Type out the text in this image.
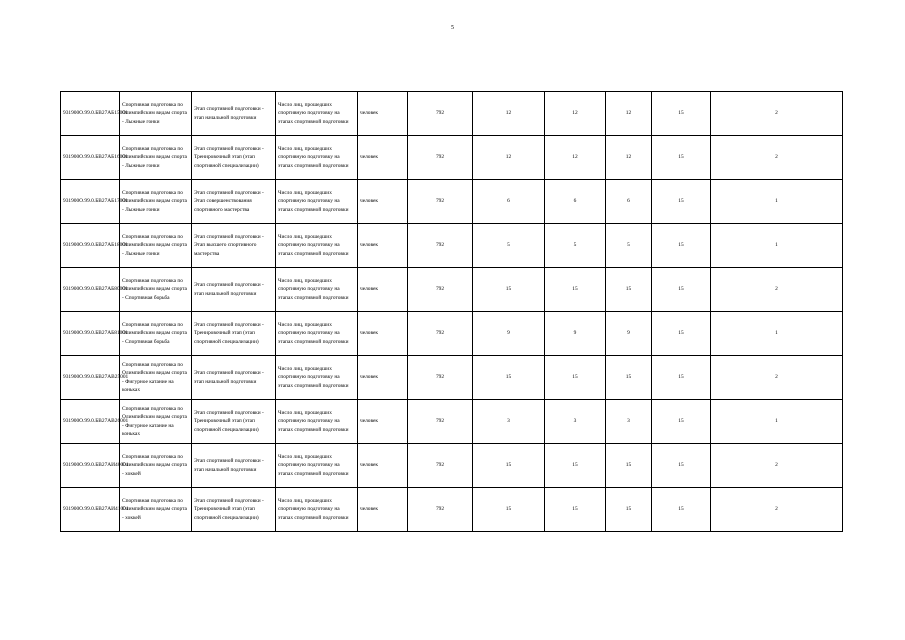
5
931900О.99.0.БВ27АБ15001	Спортивная подготовка по Олимпийским видам спорта - Лыжные гонки	Этап спортивной подготовки - этап начальной подготовки	Число лиц, прошедших спортивную подготовку на этапах спортивной подготовки	человек	792	12	12	12	15	2
931900О.99.0.БВ27АБ16001	Спортивная подготовка по Олимпийским видам спорта - Лыжные гонки	Этап спортивной подготовки - Тренировочный этап (этап спортивной специализации)	Число лиц, прошедших спортивную подготовку на этапах спортивной подготовки	человек	792	12	12	12	15	2
931900О.99.0.БВ27АБ17001	Спортивная подготовка по Олимпийским видам спорта - Лыжные гонки	Этап спортивной подготовки - Этап совершенствования спортивного мастерства	Число лиц, прошедших спортивную подготовку на этапах спортивной подготовки	человек	792	6	6	6	15	1
931900О.99.0.БВ27АБ18001	Спортивная подготовка по Олимпийским видам спорта - Лыжные гонки	Этап спортивной подготовки - Этап высшего спортивного мастерства	Число лиц, прошедших спортивную подготовку на этапах спортивной подготовки	человек	792	5	5	5	15	1
931900О.99.0.БВ27АБ80001	Спортивная подготовка по Олимпийским видам спорта - Спортивная борьба	Этап спортивной подготовки - этап начальной подготовки	Число лиц, прошедших спортивную подготовку на этапах спортивной подготовки	человек	792	15	15	15	15	2
931900О.99.0.БВ27АБ81001	Спортивная подготовка по Олимпийским видам спорта - Спортивная борьба	Этап спортивной подготовки - Тренировочный этап (этап спортивной специализации)	Число лиц, прошедших спортивную подготовку на этапах спортивной подготовки	человек	792	9	9	9	15	1
931900О.99.0.БВ27АВ25001	Спортивная подготовка по Олимпийским видам спорта - Фигурное катание на коньках	Этап спортивной подготовки - этап начальной подготовки	Число лиц, прошедших спортивную подготовку на этапах спортивной подготовки	человек	792	15	15	15	15	2
931900О.99.0.БВ27АВ26001	Спортивная подготовка по Олимпийским видам спорта - Фигурное катание на коньках	Этап спортивной подготовки - Тренировочный этап (этап спортивной специализации)	Число лиц, прошедших спортивную подготовку на этапах спортивной подготовки	человек	792	3	3	3	15	1
931900О.99.0.БВ27АИ40001	Спортивная подготовка по Олимпийским видам спорта - хоккей	Этап спортивной подготовки - этап начальной подготовки	Число лиц, прошедших спортивную подготовку на этапах спортивной подготовки	человек	792	15	15	15	15	2
931900О.99.0.БВ27АИ41001	Спортивная подготовка по Олимпийским видам спорта - хоккей	Этап спортивной подготовки - Тренировочный этап (этап спортивной специализации)	Число лиц, прошедших спортивную подготовку на этапах спортивной подготовки	человек	792	15	15	15	15	2
